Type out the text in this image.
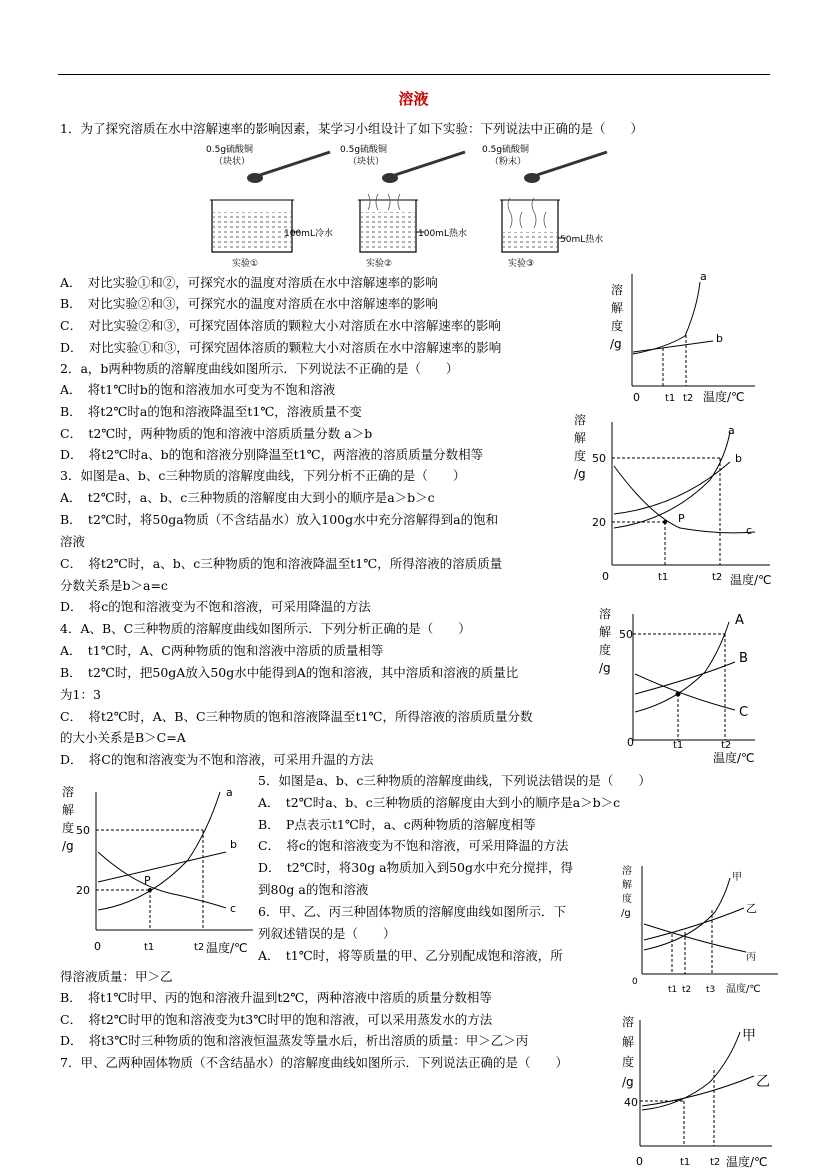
溶液
1．为了探究溶质在水中溶解速率的影响因素，某学习小组设计了如下实验：下列说法中正确的是（　　）
0.5g硫酸铜
（块状）
100mL冷水
实验①
0.5g硫酸铜
（块状）
100mL热水
实验②
0.5g硫酸铜
（粉末）
50mL热水
实验③
A．　对比实验①和②，可探究水的温度对溶质在水中溶解速率的影响
B．　对比实验②和③，可探究水的温度对溶质在水中溶解速率的影响
C．　对比实验②和③，可探究固体溶质的颗粒大小对溶质在水中溶解速率的影响
D．　对比实验①和③，可探究固体溶质的颗粒大小对溶质在水中溶解速率的影响
2．a，b两种物质的溶解度曲线如图所示．下列说法不正确的是（　　）
A．　将t1℃时b的饱和溶液加水可变为不饱和溶液
B．　将t2℃时a的饱和溶液降温至t1℃，溶液质量不变
C．　t2℃时，两种物质的饱和溶液中溶质质量分数 a＞b
D．　将t2℃时a、b的饱和溶液分别降温至t1℃，两溶液的溶质质量分数相等
3．如图是a、b、c三种物质的溶解度曲线，下列分析不正确的是（　　）
A．　t2℃时，a、b、c三种物质的溶解度由大到小的顺序是a＞b＞c
B．　t2℃时，将50ga物质（不含结晶水）放入100g水中充分溶解得到a的饱和
溶液
C．　将t2℃时，a、b、c三种物质的饱和溶液降温至t1℃，所得溶液的溶质质量
分数关系是b＞a=c
D．　将c的饱和溶液变为不饱和溶液，可采用降温的方法
4．A、B、C三种物质的溶解度曲线如图所示．下列分析正确的是（　　）
A．　t1℃时，A、C两种物质的饱和溶液中溶质的质量相等
B．　t2℃时，把50gA放入50g水中能得到A的饱和溶液，其中溶质和溶液的质量比
为1：3
C．　将t2℃时，A、B、C三种物质的饱和溶液降温至t1℃，所得溶液的溶质质量分数
的大小关系是B＞C=A
D．　将C的饱和溶液变为不饱和溶液，可采用升温的方法
5．如图是a、b、c三种物质的溶解度曲线，下列说法错误的是（　　）
A．　t2℃时a、b、c三种物质的溶解度由大到小的顺序是a＞b＞c
B．　P点表示t1℃时，a、c两种物质的溶解度相等
C．　将c的饱和溶液变为不饱和溶液，可采用降温的方法
D．　t2℃时，将30g a物质加入到50g水中充分搅拌，得
到80g a的饱和溶液
6．甲、乙、丙三种固体物质的溶解度曲线如图所示．下
列叙述错误的是（　　）
A．　t1℃时，将等质量的甲、乙分别配成饱和溶液，所
得溶液质量：甲＞乙
B．　将t1℃时甲、丙的饱和溶液升温到t2℃，两种溶液中溶质的质量分数相等
C．　将t2℃时甲的饱和溶液变为t3℃时甲的饱和溶液，可以采用蒸发水的方法
D．　将t3℃时三种物质的饱和溶液恒温蒸发等量水后，析出溶质的质量：甲＞乙＞丙
7．甲、乙两种固体物质（不含结晶水）的溶解度曲线如图所示．下列说法正确的是（　　）
溶
解
度
/g
0	t1 t2 温度/℃
a
b
溶
解
度
/g
50
20
0	t1	t2 温度/℃
P
a
b
c
溶
解
度
/g
50
0	t1	t2
温度/℃
A
B
C
溶
解
度
/g
50
20
0	t1	t2 温度/℃
P
a
b
c
溶
解
度
/g
0
t1 t2 t3 温度/℃
甲
乙
丙
溶
解
度
/g
40
0	t1 t2 温度/℃
甲
乙
